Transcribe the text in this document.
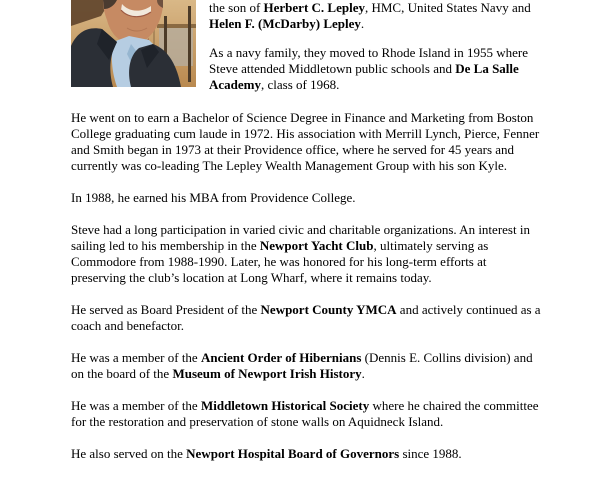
the son of Herbert C. Lepley, HMC, United States Navy and Helen F. (McDarby) Lepley.

As a navy family, they moved to Rhode Island in 1955 where Steve attended Middletown public schools and De La Salle Academy, class of 1968.

He went on to earn a Bachelor of Science Degree in Finance and Marketing from Boston College graduating cum laude in 1972. His association with Merrill Lynch, Pierce, Fenner and Smith began in 1973 at their Providence office, where he served for 45 years and currently was co-leading The Lepley Wealth Management Group with his son Kyle.

In 1988, he earned his MBA from Providence College.

Steve had a long participation in varied civic and charitable organizations. An interest in sailing led to his membership in the Newport Yacht Club, ultimately serving as Commodore from 1988-1990. Later, he was honored for his long-term efforts at preserving the club’s location at Long Wharf, where it remains today.

He served as Board President of the Newport County YMCA and actively continued as a coach and benefactor.

He was a member of the Ancient Order of Hibernians (Dennis E. Collins division) and on the board of the Museum of Newport Irish History.

He was a member of the Middletown Historical Society where he chaired the committee for the restoration and preservation of stone walls on Aquidneck Island.

He also served on the Newport Hospital Board of Governors since 1988.
